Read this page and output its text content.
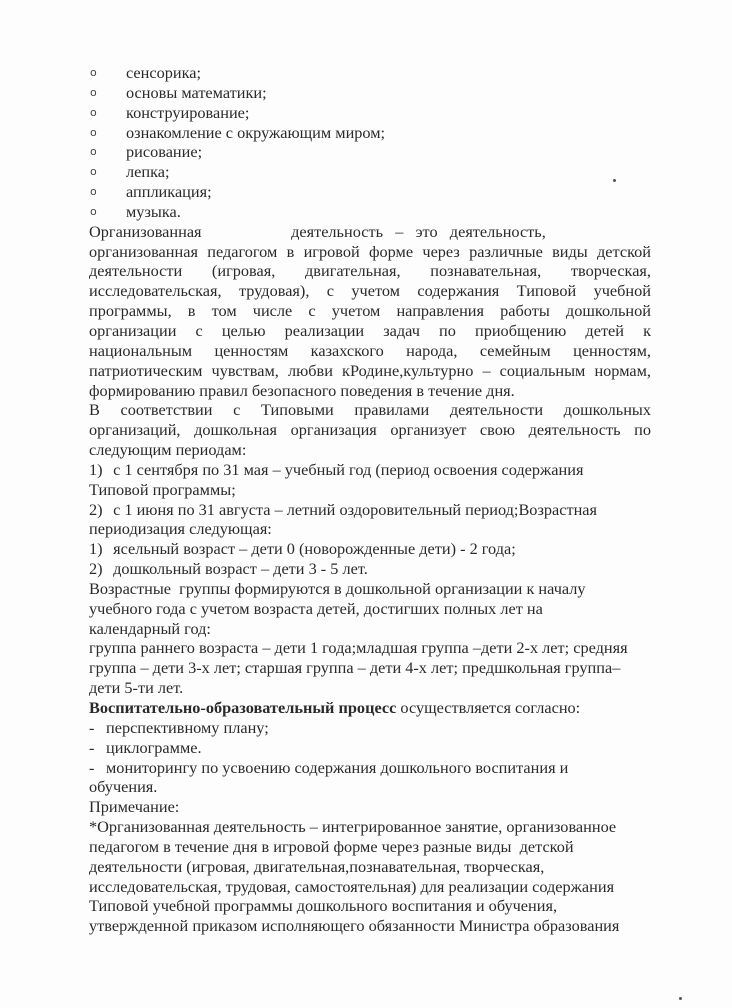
o	сенсорика;
o	основы математики;
o	конструирование;
o	ознакомление с окружающим миром;
o	рисование;
o	лепка;
o	аппликация;
o	музыка.
Организованная                      деятельность   –   это   деятельность,
организованная педагогом в игровой форме через различные виды детской
деятельности (игровая, двигательная, познавательная, творческая,
исследовательская, трудовая), с учетом содержания Типовой учебной
программы, в том числе с учетом направления работы дошкольной
организации с целью реализации задач по приобщению детей к
национальным ценностям казахского народа, семейным ценностям,
патриотическим чувствам, любви кРодине,культурно – социальным нормам,
формированию правил безопасного поведения в течение дня.
В соответствии с Типовыми правилами деятельности дошкольных
организаций, дошкольная организация организует свою деятельность по
следующим периодам:
1) с 1 сентября по 31 мая – учебный год (период освоения содержания
Типовой программы;
2) с 1 июня по 31 августа – летний оздоровительный период;Возрастная
периодизация следующая:
1) ясельный возраст – дети 0 (новорожденные дети) - 2 года;
2) дошкольный возраст – дети 3 - 5 лет.
Возрастные  группы формируются в дошкольной организации к началу
учебного года с учетом возраста детей, достигших полных лет на
календарный год:
группа раннего возраста – дети 1 года;младшая группа –дети 2-х лет; средняя
группа – дети 3-х лет; старшая группа – дети 4-х лет; предшкольная группа–
дети 5-ти лет.
Воспитательно-образовательный процесс осуществляется согласно:
- перспективному плану;
- циклограмме.
- мониторингу по усвоению содержания дошкольного воспитания и
обучения.
Примечание:
*Организованная деятельность – интегрированное занятие, организованное
педагогом в течение дня в игровой форме через разные виды  детской
деятельности (игровая, двигательная,познавательная, творческая,
исследовательская, трудовая, самостоятельная) для реализации содержания
Типовой учебной программы дошкольного воспитания и обучения,
утвержденной приказом исполняющего обязанности Министра образования
